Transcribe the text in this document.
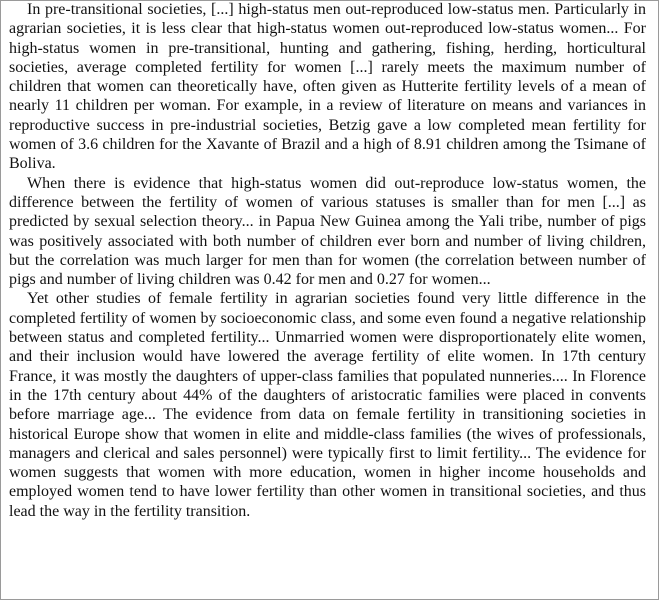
In pre-transitional societies, [...] high-status men out-reproduced low-status men. Particularly in agrarian societies, it is less clear that high-status women out-reproduced low-status women... For high-status women in pre-transitional, hunting and gathering, fishing, herding, horticultural societies, average completed fertility for women [...] rarely meets the maximum number of children that women can theoretically have, often given as Hutterite fertility levels of a mean of nearly 11 children per woman. For example, in a review of literature on means and variances in reproductive success in pre-industrial societies, Betzig gave a low completed mean fertility for women of 3.6 children for the Xavante of Brazil and a high of 8.91 children among the Tsimane of Boliva.

When there is evidence that high-status women did out-reproduce low-status women, the difference between the fertility of women of various statuses is smaller than for men [...] as predicted by sexual selection theory... in Papua New Guinea among the Yali tribe, number of pigs was positively associated with both number of children ever born and number of living children, but the correlation was much larger for men than for women (the correlation between number of pigs and number of living children was 0.42 for men and 0.27 for women...

Yet other studies of female fertility in agrarian societies found very little difference in the completed fertility of women by socioeconomic class, and some even found a negative relationship between status and completed fertility... Unmarried women were disproportionately elite women, and their inclusion would have lowered the average fertility of elite women. In 17th century France, it was mostly the daughters of upper-class families that populated nunneries.... In Florence in the 17th century about 44% of the daughters of aristocratic families were placed in convents before marriage age... The evidence from data on female fertility in transitioning societies in historical Europe show that women in elite and middle-class families (the wives of professionals, managers and clerical and sales personnel) were typically first to limit fertility... The evidence for women suggests that women with more education, women in higher income households and employed women tend to have lower fertility than other women in transitional societies, and thus lead the way in the fertility transition.
